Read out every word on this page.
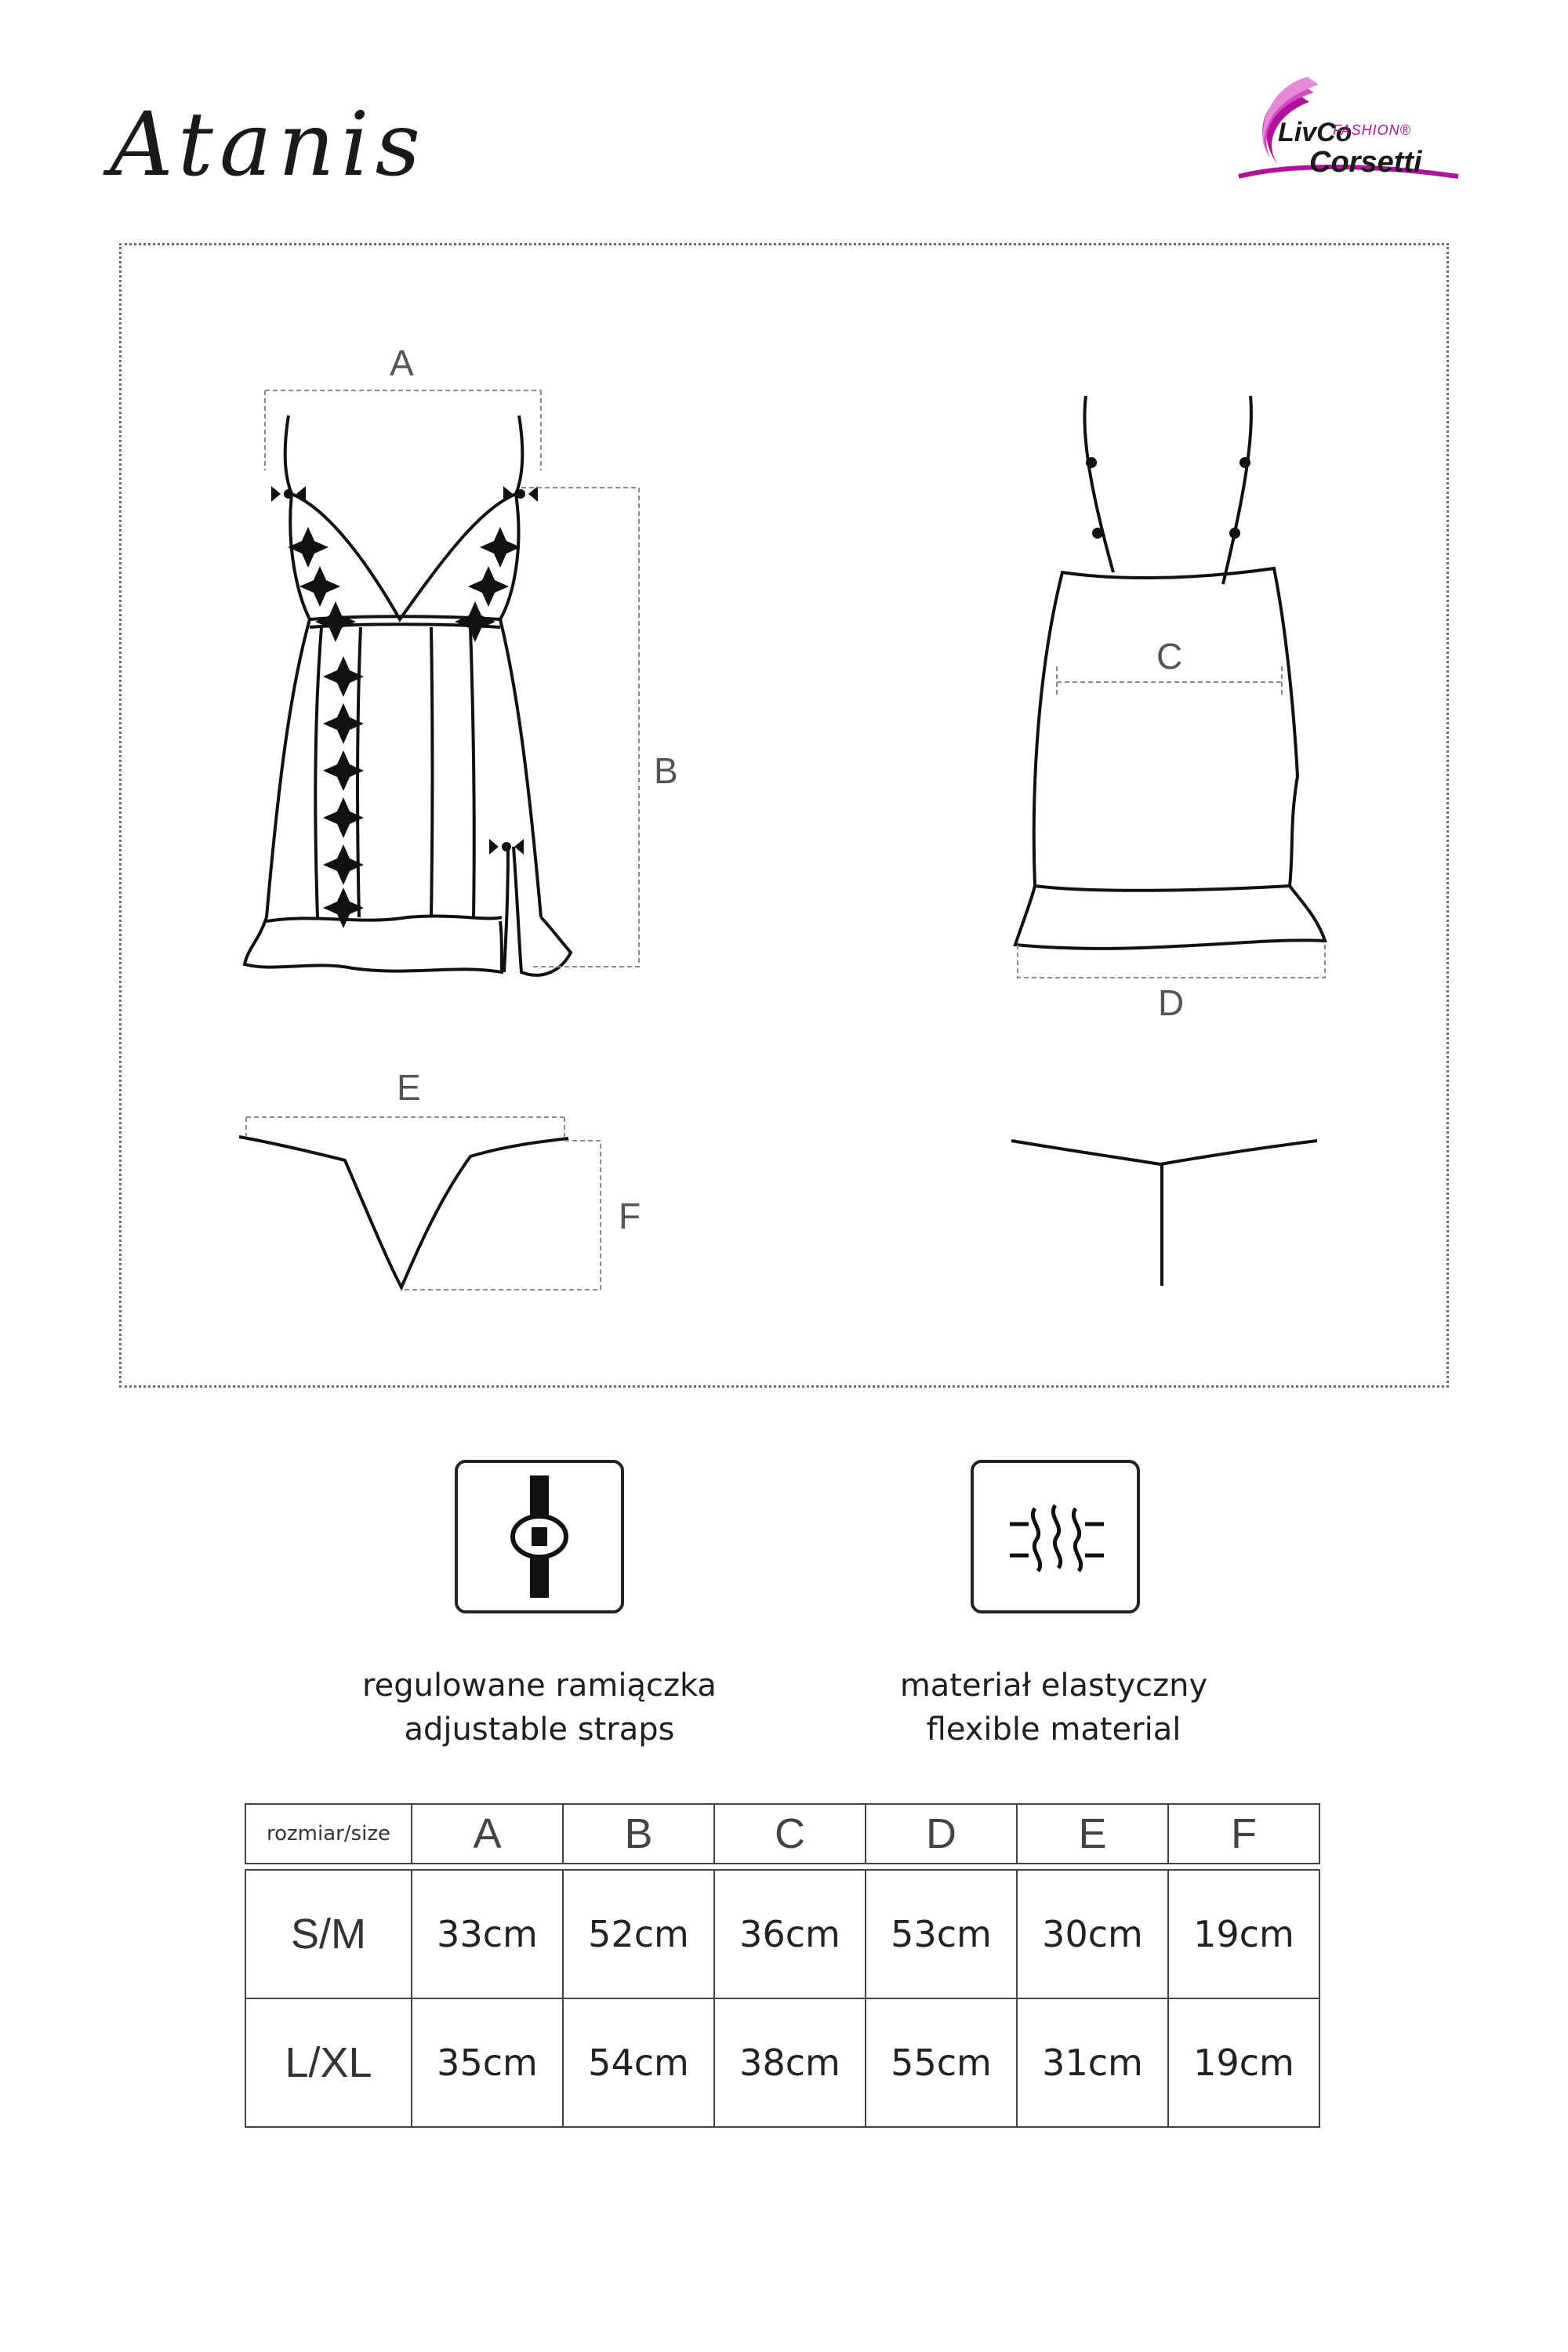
Atanis	LivCo
FASHION®
Corsetti
A
B
C
D
E
F
regulowane ramiączka
adjustable straps
materiał elastyczny
flexible material
rozmiar/size	A	B	C	D	E	F
S/M	33cm	52cm	36cm	53cm	30cm	19cm
L/XL	35cm	54cm	38cm	55cm	31cm	19cm
